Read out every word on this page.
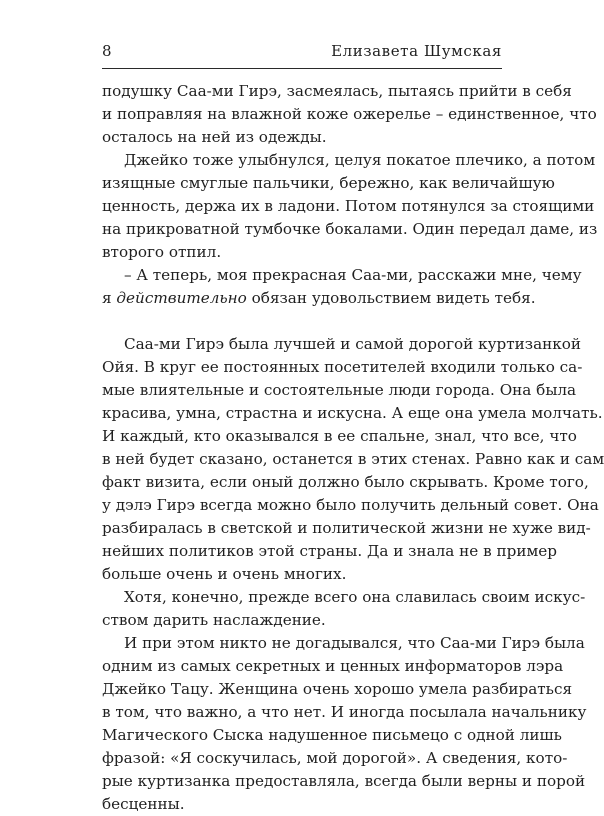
8	Елизавета Шумская

подушку Саа-ми Гирэ, засмеялась, пытаясь прийти в себя
и поправляя на влажной коже ожерелье – единственное, что
осталось на ней из одежды.

Джейко тоже улыбнулся, целуя покатое плечико, а потом
изящные смуглые пальчики, бережно, как величайшую
ценность, держа их в ладони. Потом потянулся за стоящими
на прикроватной тумбочке бокалами. Один передал даме, из
второго отпил.

– А теперь, моя прекрасная Саа-ми, расскажи мне, чему
я действительно обязан удовольствием видеть тебя.

Саа-ми Гирэ была лучшей и самой дорогой куртизанкой
Ойя. В круг ее постоянных посетителей входили только са-
мые влиятельные и состоятельные люди города. Она была
красива, умна, страстна и искусна. А еще она умела молчать.
И каждый, кто оказывался в ее спальне, знал, что все, что
в ней будет сказано, останется в этих стенах. Равно как и сам
факт визита, если оный должно было скрывать. Кроме того,
у дэлэ Гирэ всегда можно было получить дельный совет. Она
разбиралась в светской и политической жизни не хуже вид-
нейших политиков этой страны. Да и знала не в пример
больше очень и очень многих.

Хотя, конечно, прежде всего она славилась своим искус-
ством дарить наслаждение.

И при этом никто не догадывался, что Саа-ми Гирэ была
одним из самых секретных и ценных информаторов лэра
Джейко Тацу. Женщина очень хорошо умела разбираться
в том, что важно, а что нет. И иногда посылала начальнику
Магического Сыска надушенное письмецо с одной лишь
фразой: «Я соскучилась, мой дорогой». А сведения, кото-
рые куртизанка предоставляла, всегда были верны и порой
бесценны.
